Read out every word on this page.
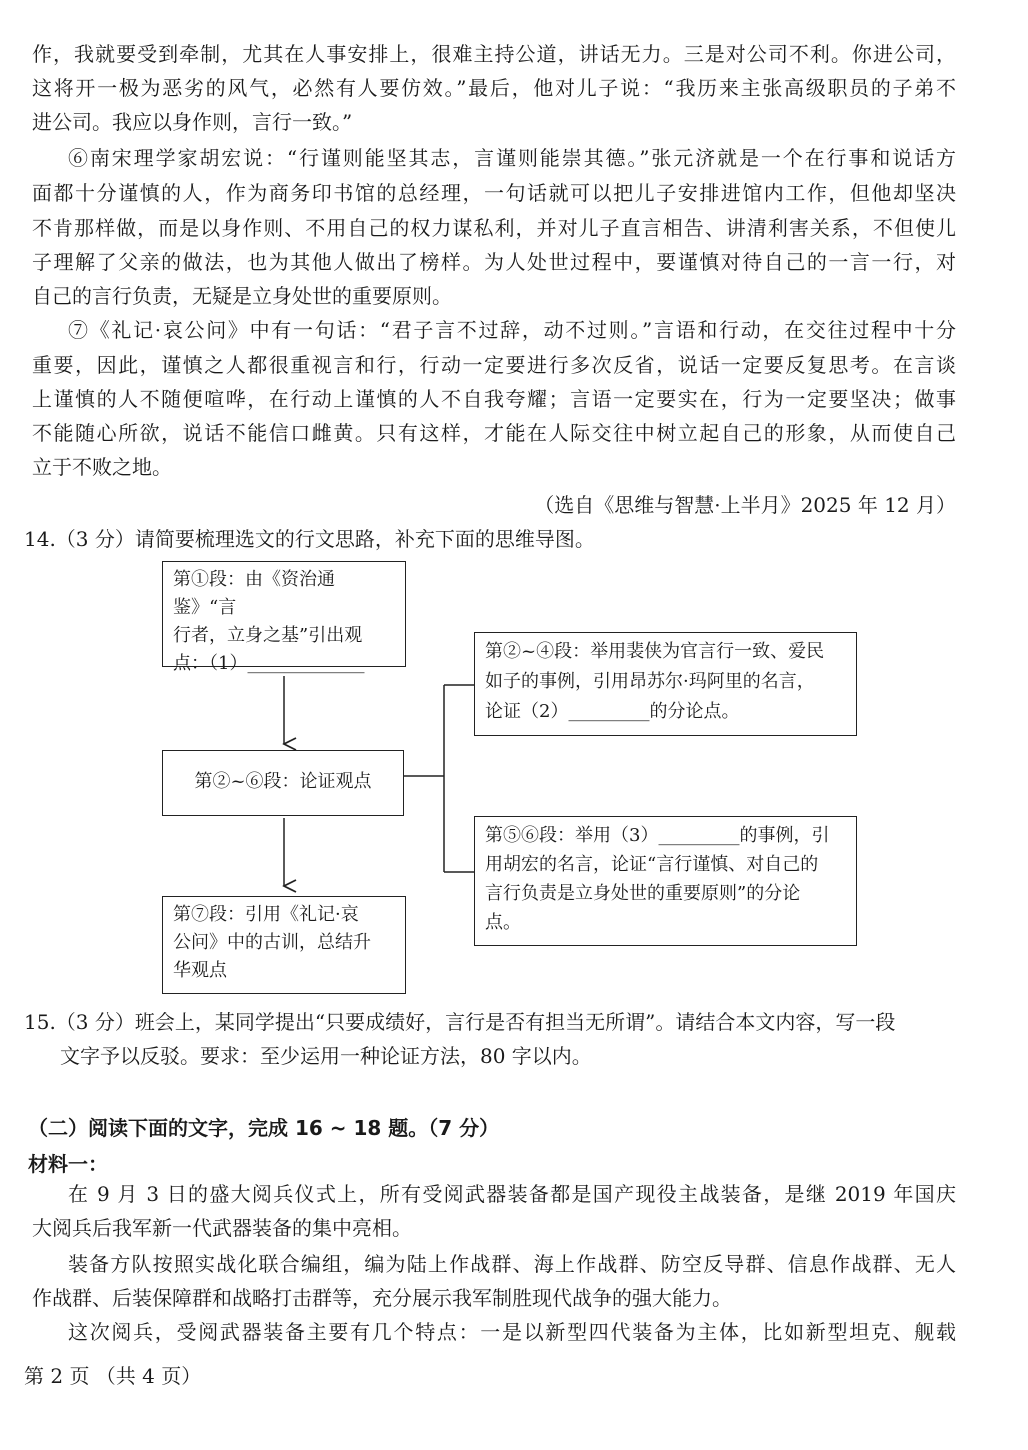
作，我就要受到牵制，尤其在人事安排上，很难主持公道，讲话无力。三是对公司不利。你进公司，
这将开一极为恶劣的风气，必然有人要仿效。”最后，他对儿子说：“我历来主张高级职员的子弟不
进公司。我应以身作则，言行一致。”
⑥南宋理学家胡宏说：“行谨则能坚其志，言谨则能崇其德。”张元济就是一个在行事和说话方
面都十分谨慎的人，作为商务印书馆的总经理，一句话就可以把儿子安排进馆内工作，但他却坚决
不肯那样做，而是以身作则、不用自己的权力谋私利，并对儿子直言相告、讲清利害关系，不但使儿
子理解了父亲的做法，也为其他人做出了榜样。为人处世过程中，要谨慎对待自己的一言一行，对
自己的言行负责，无疑是立身处世的重要原则。
⑦《礼记·哀公问》中有一句话：“君子言不过辞，动不过则。”言语和行动，在交往过程中十分
重要，因此，谨慎之人都很重视言和行，行动一定要进行多次反省，说话一定要反复思考。在言谈
上谨慎的人不随便喧哗，在行动上谨慎的人不自我夸耀；言语一定要实在，行为一定要坚决；做事
不能随心所欲，说话不能信口雌黄。只有这样，才能在人际交往中树立起自己的形象，从而使自己
立于不败之地。
（选自《思维与智慧·上半月》2025 年 12 月）
14.（3 分）请简要梳理选文的行文思路，补充下面的思维导图。
第①段：由《资治通鉴》“言
行者，立身之基”引出观
点：（1）_____________
第②~⑥段：论证观点
第⑦段：引用《礼记·哀
公问》中的古训，总结升
华观点
第②~④段：举用裴侠为官言行一致、爱民
如子的事例，引用昂苏尔·玛阿里的名言，
论证（2）_________的分论点。
第⑤⑥段：举用（3）_________的事例，引
用胡宏的名言，论证“言行谨慎、对自己的
言行负责是立身处世的重要原则”的分论
点。
15.（3 分）班会上，某同学提出“只要成绩好，言行是否有担当无所谓”。请结合本文内容，写一段
文字予以反驳。要求：至少运用一种论证方法，80 字以内。
（二）阅读下面的文字，完成 16 ~ 18 题。（7 分）
材料一：
在 9 月 3 日的盛大阅兵仪式上，所有受阅武器装备都是国产现役主战装备，是继 2019 年国庆
大阅兵后我军新一代武器装备的集中亮相。
装备方队按照实战化联合编组，编为陆上作战群、海上作战群、防空反导群、信息作战群、无人
作战群、后装保障群和战略打击群等，充分展示我军制胜现代战争的强大能力。
这次阅兵，受阅武器装备主要有几个特点：一是以新型四代装备为主体，比如新型坦克、舰载
第 2 页 （共 4 页）
